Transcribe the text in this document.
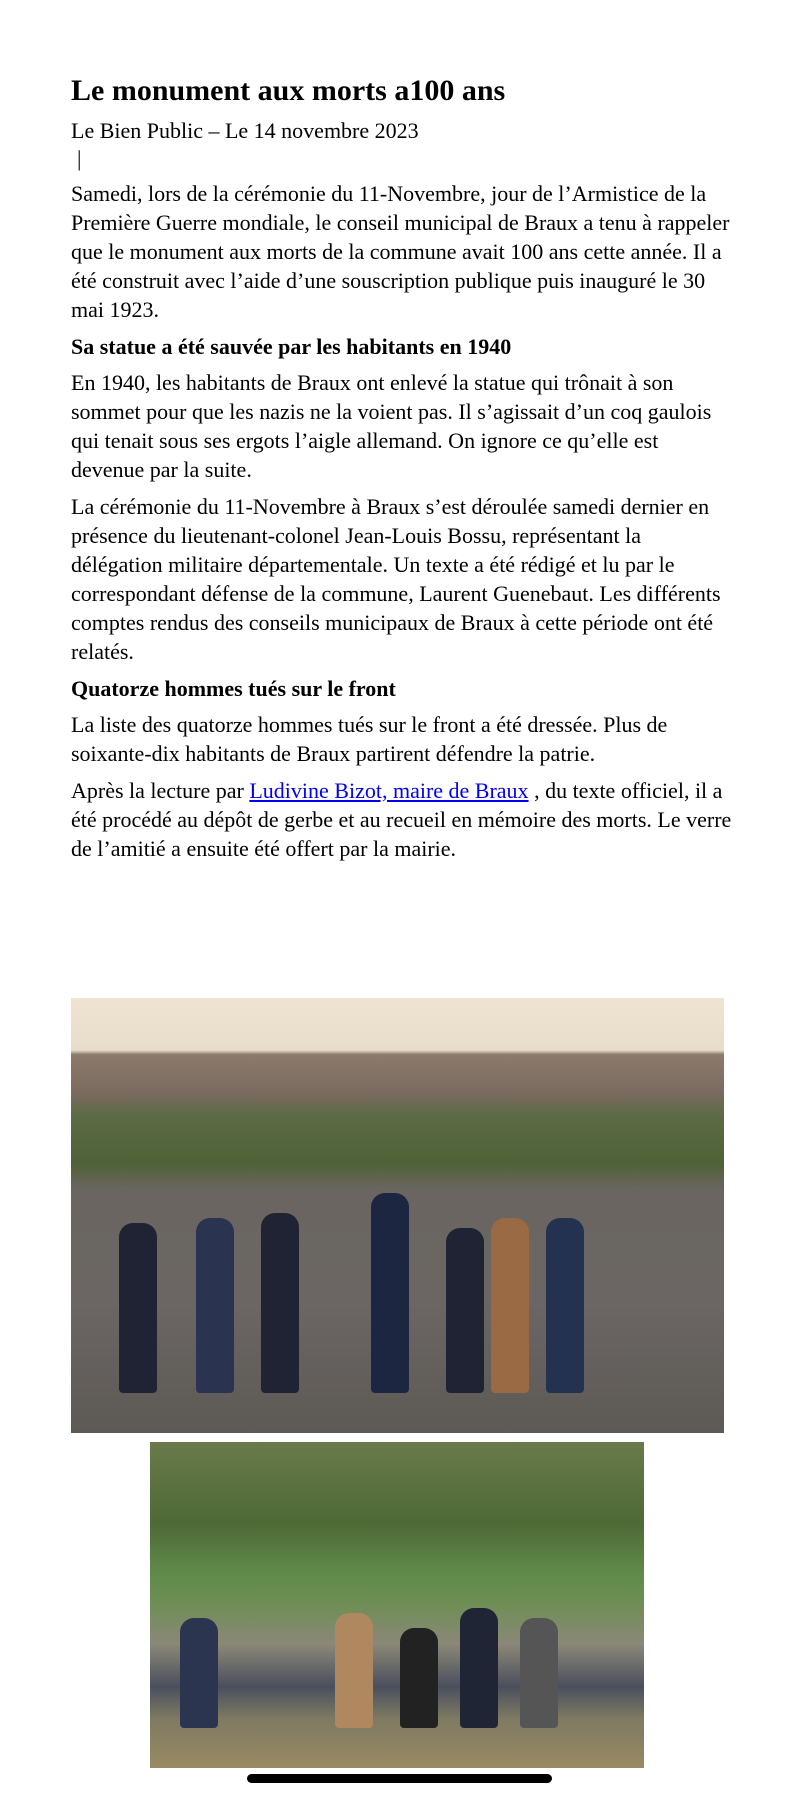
Le monument aux morts a100 ans
Le Bien Public – Le 14 novembre 2023
|

Samedi, lors de la cérémonie du 11-Novembre, jour de l’Armistice de la Première Guerre mondiale, le conseil municipal de Braux a tenu à rappeler que le monument aux morts de la commune avait 100 ans cette année. Il a été construit avec l’aide d’une souscription publique puis inauguré le 30 mai 1923.

Sa statue a été sauvée par les habitants en 1940

En 1940, les habitants de Braux ont enlevé la statue qui trônait à son sommet pour que les nazis ne la voient pas. Il s’agissait d’un coq gaulois qui tenait sous ses ergots l’aigle allemand. On ignore ce qu’elle est devenue par la suite.

La cérémonie du 11-Novembre à Braux s’est déroulée samedi dernier en présence du lieutenant-colonel Jean-Louis Bossu, représentant la délégation militaire départementale. Un texte a été rédigé et lu par le correspondant défense de la commune, Laurent Guenebaut. Les différents comptes rendus des conseils municipaux de Braux à cette période ont été relatés.

Quatorze hommes tués sur le front

La liste des quatorze hommes tués sur le front a été dressée. Plus de soixante-dix habitants de Braux partirent défendre la patrie.

Après la lecture par Ludivine Bizot, maire de Braux , du texte officiel, il a été procédé au dépôt de gerbe et au recueil en mémoire des morts. Le verre de l’amitié a ensuite été offert par la mairie.
